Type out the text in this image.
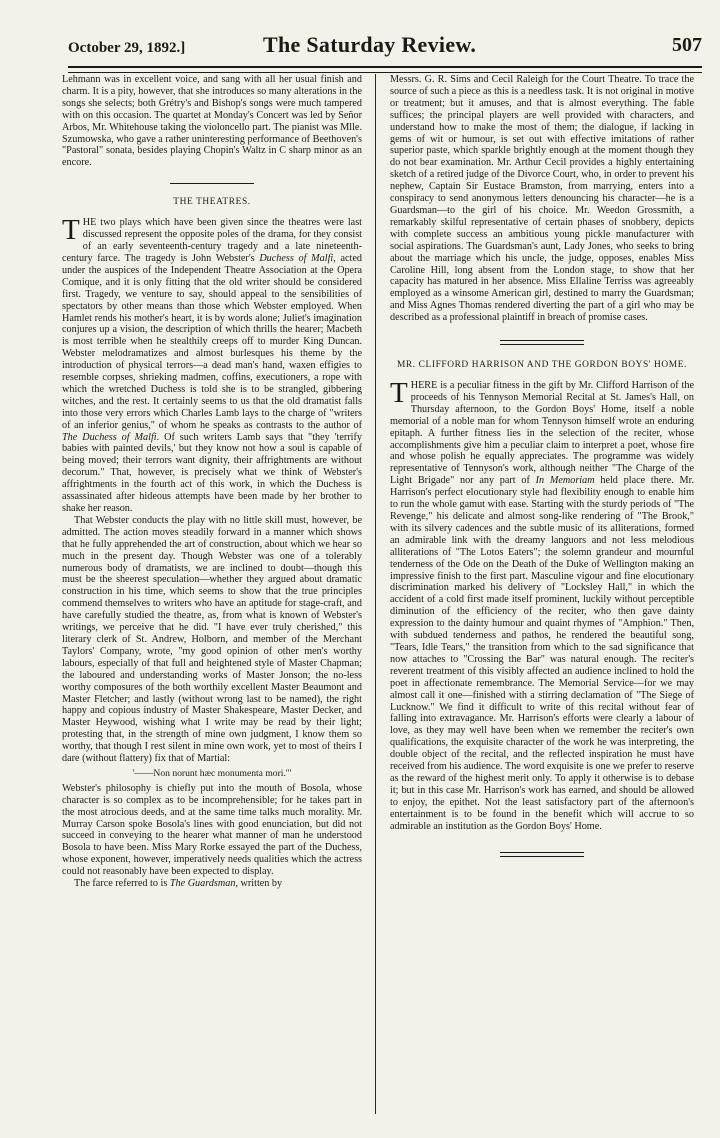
October 29, 1892.]	The Saturday Review.	507

Lehmann was in excellent voice, and sang with all her usual finish and charm. It is a pity, however, that she introduces so many alterations in the songs she selects; both Grétry's and Bishop's songs were much tampered with on this occasion. The quartet at Monday's Concert was led by Señor Arbos, Mr. Whitehouse taking the violoncello part. The pianist was Mlle. Szumowska, who gave a rather uninteresting performance of Beethoven's "Pastoral" sonata, besides playing Chopin's Waltz in C sharp minor as an encore.

THE THEATRES.

THE two plays which have been given since the theatres were last discussed represent the opposite poles of the drama, for they consist of an early seventeenth-century tragedy and a late nineteenth-century farce. The tragedy is John Webster's Duchess of Malfi, acted under the auspices of the Independent Theatre Association at the Opera Comique, and it is only fitting that the old writer should be considered first. Tragedy, we venture to say, should appeal to the sensibilities of spectators by other means than those which Webster employed. When Hamlet rends his mother's heart, it is by words alone; Juliet's imagination conjures up a vision, the description of which thrills the hearer; Macbeth is most terrible when he stealthily creeps off to murder King Duncan. Webster melodramatizes and almost burlesques his theme by the introduction of physical terrors—a dead man's hand, waxen effigies to resemble corpses, shrieking madmen, coffins, executioners, a rope with which the wretched Duchess is told she is to be strangled, gibbering witches, and the rest. It certainly seems to us that the old dramatist falls into those very errors which Charles Lamb lays to the charge of "writers of an inferior genius," of whom he speaks as contrasts to the author of The Duchess of Malfi. Of such writers Lamb says that "they 'terrify babies with painted devils,' but they know not how a soul is capable of being moved; their terrors want dignity, their affrightments are without decorum." That, however, is precisely what we think of Webster's affrightments in the fourth act of this work, in which the Duchess is assassinated after hideous attempts have been made by her brother to shake her reason.

That Webster conducts the play with no little skill must, however, be admitted. The action moves steadily forward in a manner which shows that he fully apprehended the art of construction, about which we hear so much in the present day. Though Webster was one of a tolerably numerous body of dramatists, we are inclined to doubt—though this must be the sheerest speculation—whether they argued about dramatic construction in his time, which seems to show that the true principles commend themselves to writers who have an aptitude for stage-craft, and have carefully studied the theatre, as, from what is known of Webster's writings, we perceive that he did. "I have ever truly cherished," this literary clerk of St. Andrew, Holborn, and member of the Merchant Taylors' Company, wrote, "my good opinion of other men's worthy labours, especially of that full and heightened style of Master Chapman; the laboured and understanding works of Master Jonson; the no-less worthy composures of the both worthily excellent Master Beaumont and Master Fletcher; and lastly (without wrong last to be named), the right happy and copious industry of Master Shakespeare, Master Decker, and Master Heywood, wishing what I write may be read by their light; protesting that, in the strength of mine own judgment, I know them so worthy, that though I rest silent in mine own work, yet to most of theirs I dare (without flattery) fix that of Martial:

'——Non norunt hæc monumenta mori.'"

Webster's philosophy is chiefly put into the mouth of Bosola, whose character is so complex as to be incomprehensible; for he takes part in the most atrocious deeds, and at the same time talks much morality. Mr. Murray Carson spoke Bosola's lines with good enunciation, but did not succeed in conveying to the hearer what manner of man he understood Bosola to have been. Miss Mary Rorke essayed the part of the Duchess, whose exponent, however, imperatively needs qualities which the actress could not reasonably have been expected to display.

The farce referred to is The Guardsman, written by

Messrs. G. R. Sims and Cecil Raleigh for the Court Theatre. To trace the source of such a piece as this is a needless task. It is not original in motive or treatment; but it amuses, and that is almost everything. The fable suffices; the principal players are well provided with characters, and understand how to make the most of them; the dialogue, if lacking in gems of wit or humour, is set out with effective imitations of rather superior paste, which sparkle brightly enough at the moment though they do not bear examination. Mr. Arthur Cecil provides a highly entertaining sketch of a retired judge of the Divorce Court, who, in order to prevent his nephew, Captain Sir Eustace Bramston, from marrying, enters into a conspiracy to send anonymous letters denouncing his character—he is a Guardsman—to the girl of his choice. Mr. Weedon Grossmith, a remarkably skilful representative of certain phases of snobbery, depicts with complete success an ambitious young pickle manufacturer with social aspirations. The Guardsman's aunt, Lady Jones, who seeks to bring about the marriage which his uncle, the judge, opposes, enables Miss Caroline Hill, long absent from the London stage, to show that her capacity has matured in her absence. Miss Ellaline Terriss was agreeably employed as a winsome American girl, destined to marry the Guardsman; and Miss Agnes Thomas rendered diverting the part of a girl who may be described as a professional plaintiff in breach of promise cases.

MR. CLIFFORD HARRISON AND THE GORDON BOYS' HOME.

THERE is a peculiar fitness in the gift by Mr. Clifford Harrison of the proceeds of his Tennyson Memorial Recital at St. James's Hall, on Thursday afternoon, to the Gordon Boys' Home, itself a noble memorial of a noble man for whom Tennyson himself wrote an enduring epitaph. A further fitness lies in the selection of the reciter, whose accomplishments give him a peculiar claim to interpret a poet, whose fire and whose polish he equally appreciates. The programme was widely representative of Tennyson's work, although neither "The Charge of the Light Brigade" nor any part of In Memoriam held place there. Mr. Harrison's perfect elocutionary style had flexibility enough to enable him to run the whole gamut with ease. Starting with the sturdy periods of "The Revenge," his delicate and almost song-like rendering of "The Brook," with its silvery cadences and the subtle music of its alliterations, formed an admirable link with the dreamy languors and not less melodious alliterations of "The Lotos Eaters"; the solemn grandeur and mournful tenderness of the Ode on the Death of the Duke of Wellington making an impressive finish to the first part. Masculine vigour and fine elocutionary discrimination marked his delivery of "Locksley Hall," in which the accident of a cold first made itself prominent, luckily without perceptible diminution of the efficiency of the reciter, who then gave dainty expression to the dainty humour and quaint rhymes of "Amphion." Then, with subdued tenderness and pathos, he rendered the beautiful song, "Tears, Idle Tears," the transition from which to the sad significance that now attaches to "Crossing the Bar" was natural enough. The reciter's reverent treatment of this visibly affected an audience inclined to hold the poet in affectionate remembrance. The Memorial Service—for we may almost call it one—finished with a stirring declamation of "The Siege of Lucknow." We find it difficult to write of this recital without fear of falling into extravagance. Mr. Harrison's efforts were clearly a labour of love, as they may well have been when we remember the reciter's own qualifications, the exquisite character of the work he was interpreting, the double object of the recital, and the reflected inspiration he must have received from his audience. The word exquisite is one we prefer to reserve as the reward of the highest merit only. To apply it otherwise is to debase it; but in this case Mr. Harrison's work has earned, and should be allowed to enjoy, the epithet. Not the least satisfactory part of the afternoon's entertainment is to be found in the benefit which will accrue to so admirable an institution as the Gordon Boys' Home.
